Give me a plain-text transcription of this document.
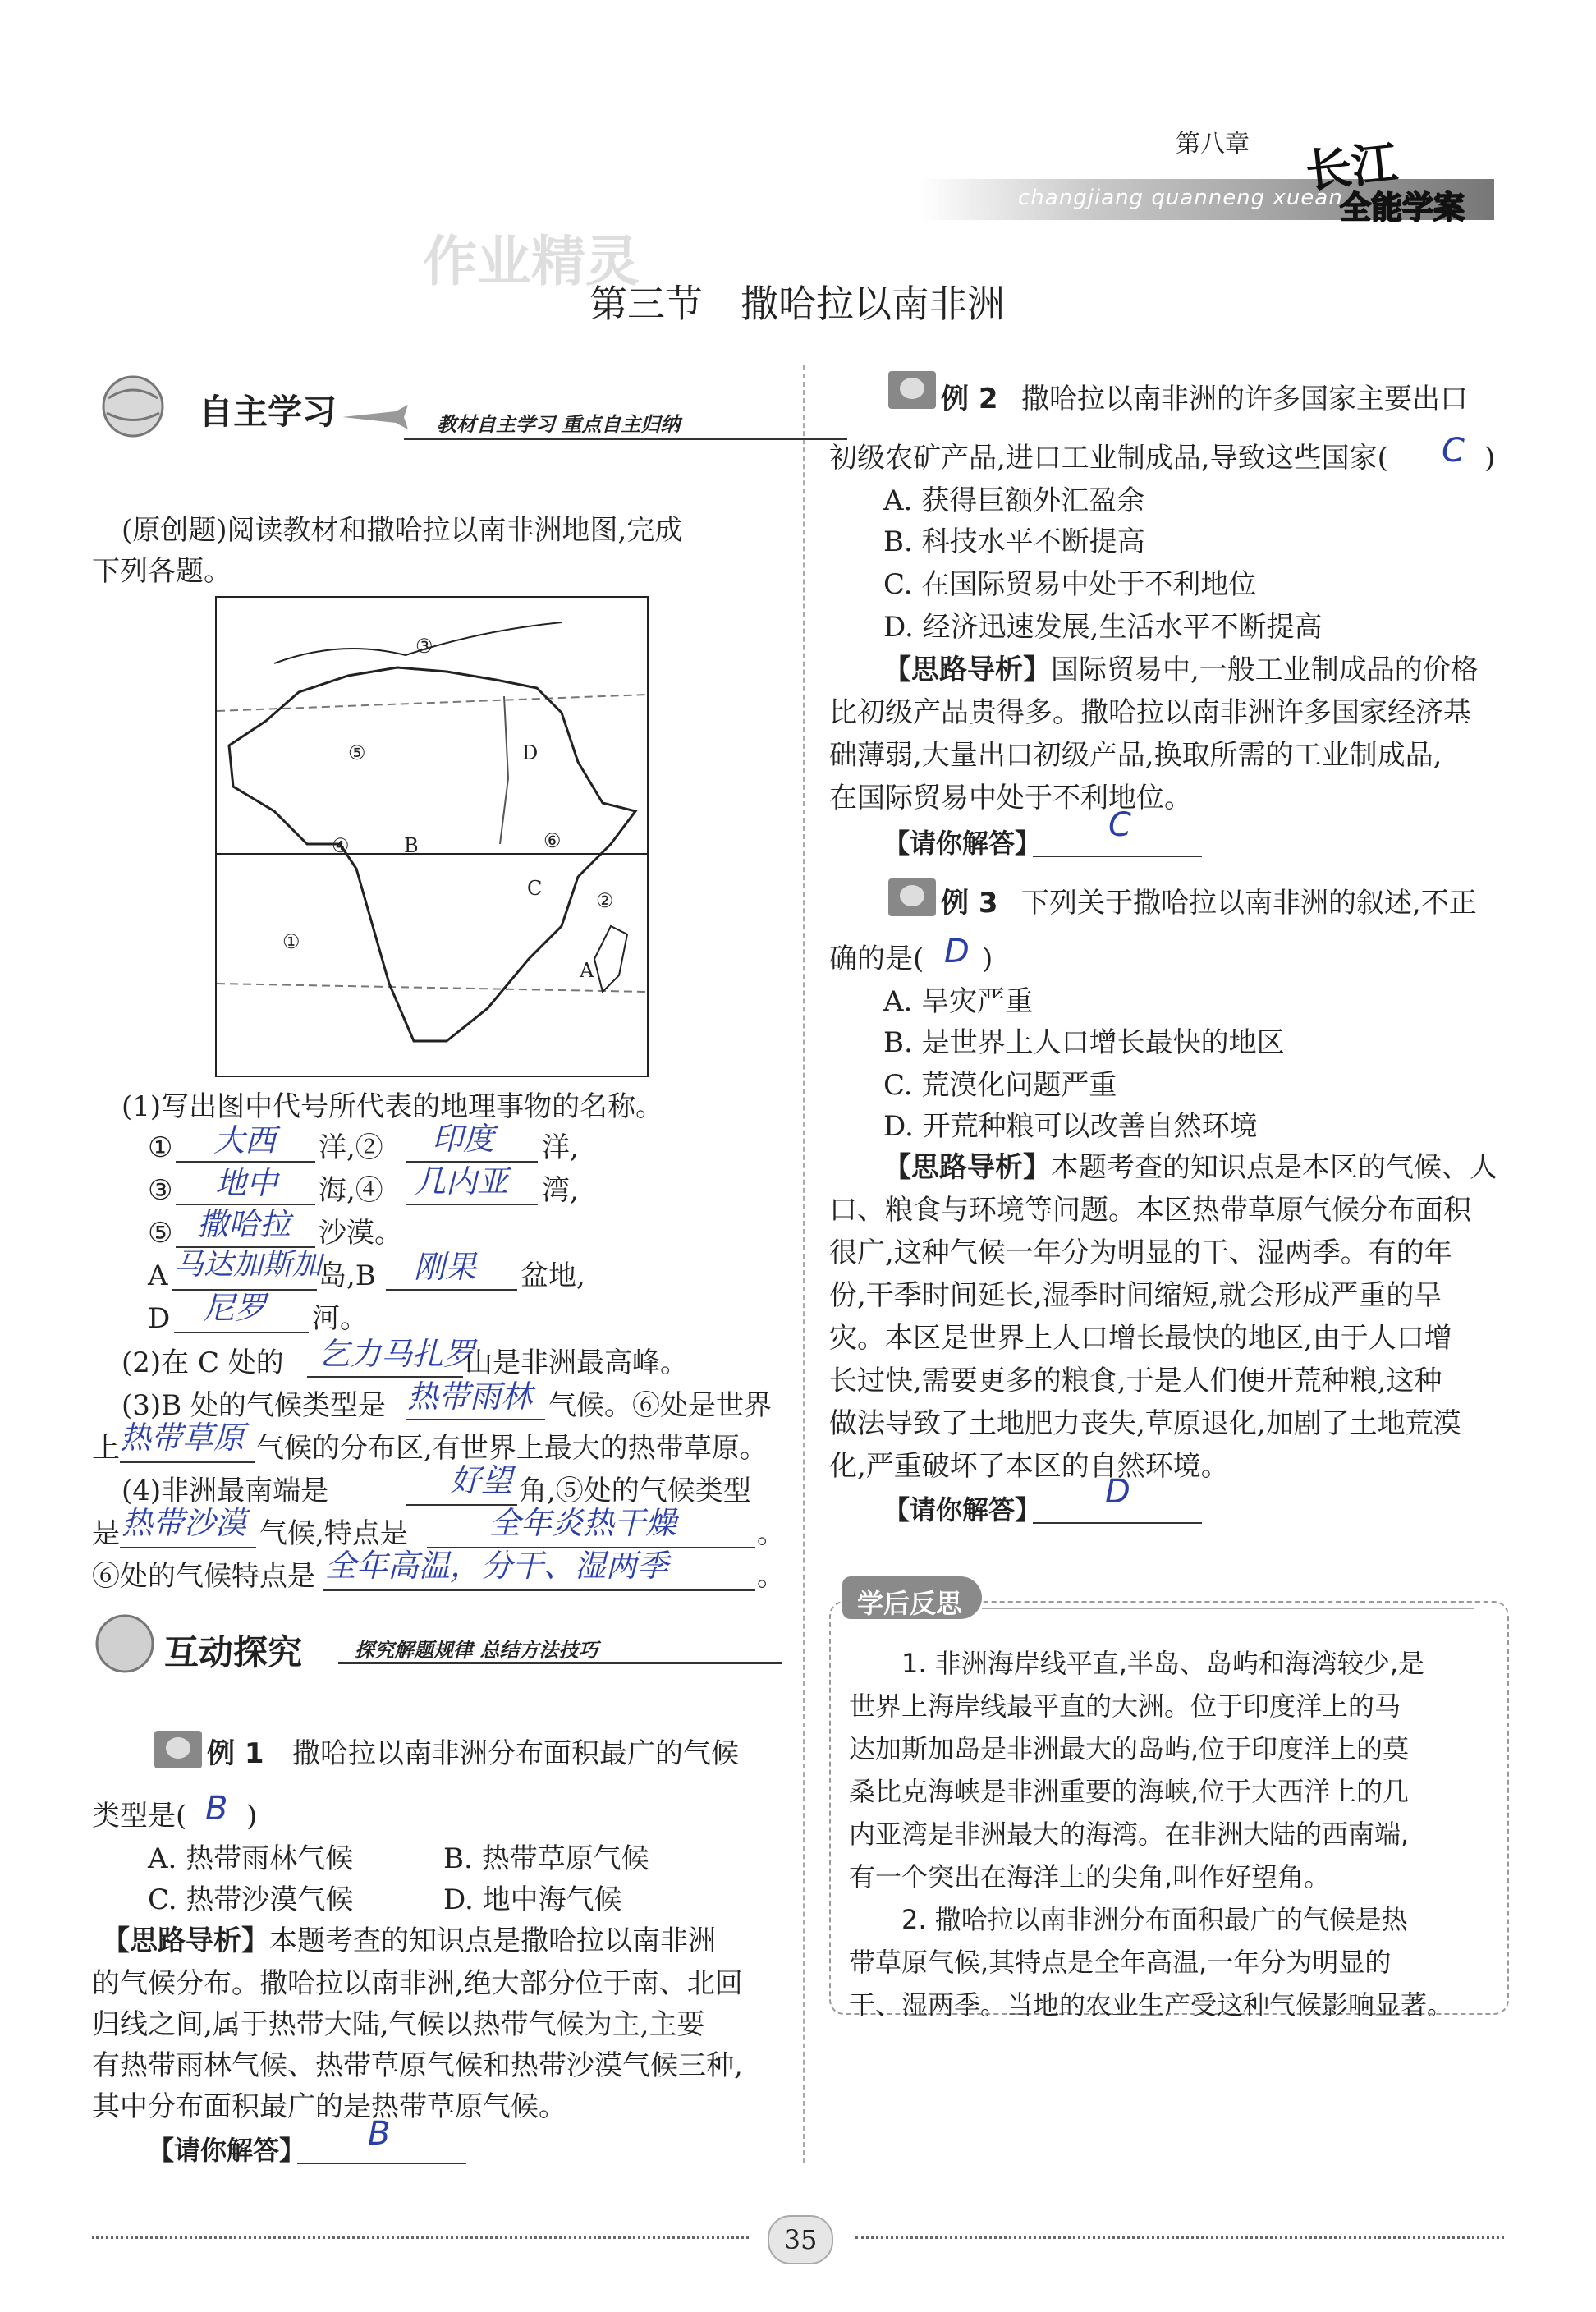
第八章
changjiang quanneng xuean
长江
全能学案
作业精灵
第三节　撒哈拉以南非洲
自主学习	教材自主学习 重点自主归纳
(原创题)阅读教材和撒哈拉以南非洲地图,完成
下列各题。
③
⑤	D
④	B	⑥
C
②
①
A
(1)写出图中代号所代表的地理事物的名称。
① 大西 洋,② 印度 洋,
③ 地中 海,④ 几内亚 湾,
⑤ 撒哈拉 沙漠。
A 马达加斯加
岛,B 刚果 盆地,
D 尼罗 河。
(2)在 C 处的 乞力马扎罗
山是非洲最高峰。
(3)B 处的气候类型是 热带雨林 气候。⑥处是世界
上 热带草原 气候的分布区,有世界上最大的热带草原。
(4)非洲最南端是	好望 角,⑤处的气候类型
是 热带沙漠 气候,特点是	全年炎热干燥	。
⑥处的气候特点是 全年高温，分干、湿两季	。
互动探究	探究解题规律 总结方法技巧
例 1 撒哈拉以南非洲分布面积最广的气候
类型是( B )
A. 热带雨林气候	B. 热带草原气候
C. 热带沙漠气候	D. 地中海气候
【思路导析】本题考查的知识点是撒哈拉以南非洲
的气候分布。撒哈拉以南非洲,绝大部分位于南、北回
归线之间,属于热带大陆,气候以热带气候为主,主要
有热带雨林气候、热带草原气候和热带沙漠气候三种,
其中分布面积最广的是热带草原气候。
【请你解答】 B
例 2 撒哈拉以南非洲的许多国家主要出口
初级农矿产品,进口工业制成品,导致这些国家( C )
A. 获得巨额外汇盈余
B. 科技水平不断提高
C. 在国际贸易中处于不利地位
D. 经济迅速发展,生活水平不断提高
【思路导析】国际贸易中,一般工业制成品的价格
比初级产品贵得多。撒哈拉以南非洲许多国家经济基
础薄弱,大量出口初级产品,换取所需的工业制成品,
在国际贸易中处于不利地位。
【请你解答】 C
例 3 下列关于撒哈拉以南非洲的叙述,不正
确的是( D )
A. 旱灾严重
B. 是世界上人口增长最快的地区
C. 荒漠化问题严重
D. 开荒种粮可以改善自然环境
【思路导析】本题考查的知识点是本区的气候、人
口、粮食与环境等问题。本区热带草原气候分布面积
很广,这种气候一年分为明显的干、湿两季。有的年
份,干季时间延长,湿季时间缩短,就会形成严重的旱
灾。本区是世界上人口增长最快的地区,由于人口增
长过快,需要更多的粮食,于是人们便开荒种粮,这种
做法导致了土地肥力丧失,草原退化,加剧了土地荒漠
化,严重破坏了本区的自然环境。
【请你解答】 D
学后反思
1. 非洲海岸线平直,半岛、岛屿和海湾较少,是
世界上海岸线最平直的大洲。位于印度洋上的马
达加斯加岛是非洲最大的岛屿,位于印度洋上的莫
桑比克海峡是非洲重要的海峡,位于大西洋上的几
内亚湾是非洲最大的海湾。在非洲大陆的西南端,
有一个突出在海洋上的尖角,叫作好望角。
2. 撒哈拉以南非洲分布面积最广的气候是热
带草原气候,其特点是全年高温,一年分为明显的
干、湿两季。当地的农业生产受这种气候影响显著。
35
